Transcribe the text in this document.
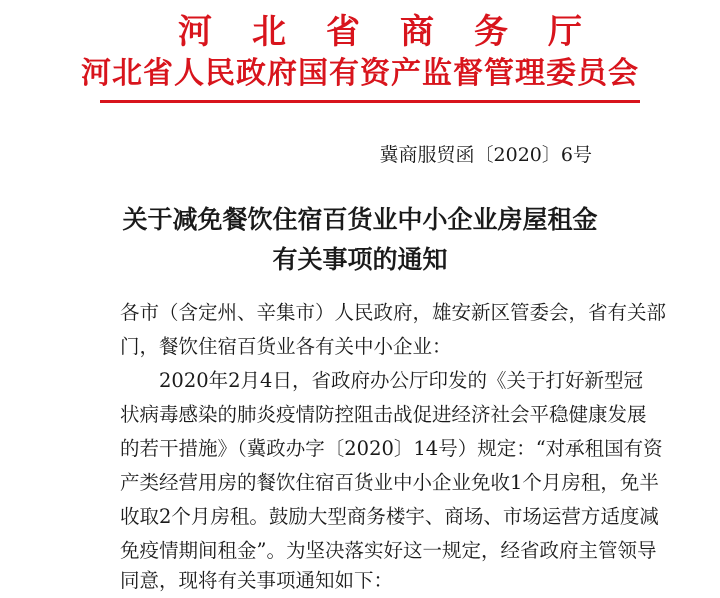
河北省商务厅
河北省人民政府国有资产监督管理委员会
冀商服贸函〔2020〕6号
关于减免餐饮住宿百货业中小企业房屋租金
有关事项的通知
各市（含定州、辛集市）人民政府，雄安新区管委会，省有关部
门，餐饮住宿百货业各有关中小企业：
　　2020年2月4日，省政府办公厅印发的《关于打好新型冠
状病毒感染的肺炎疫情防控阻击战促进经济社会平稳健康发展
的若干措施》（冀政办字〔2020〕14号）规定：“对承租国有资
产类经营用房的餐饮住宿百货业中小企业免收1个月房租，免半
收取2个月房租。鼓励大型商务楼宇、商场、市场运营方适度减
免疫情期间租金”。为坚决落实好这一规定，经省政府主管领导
同意，现将有关事项通知如下：
